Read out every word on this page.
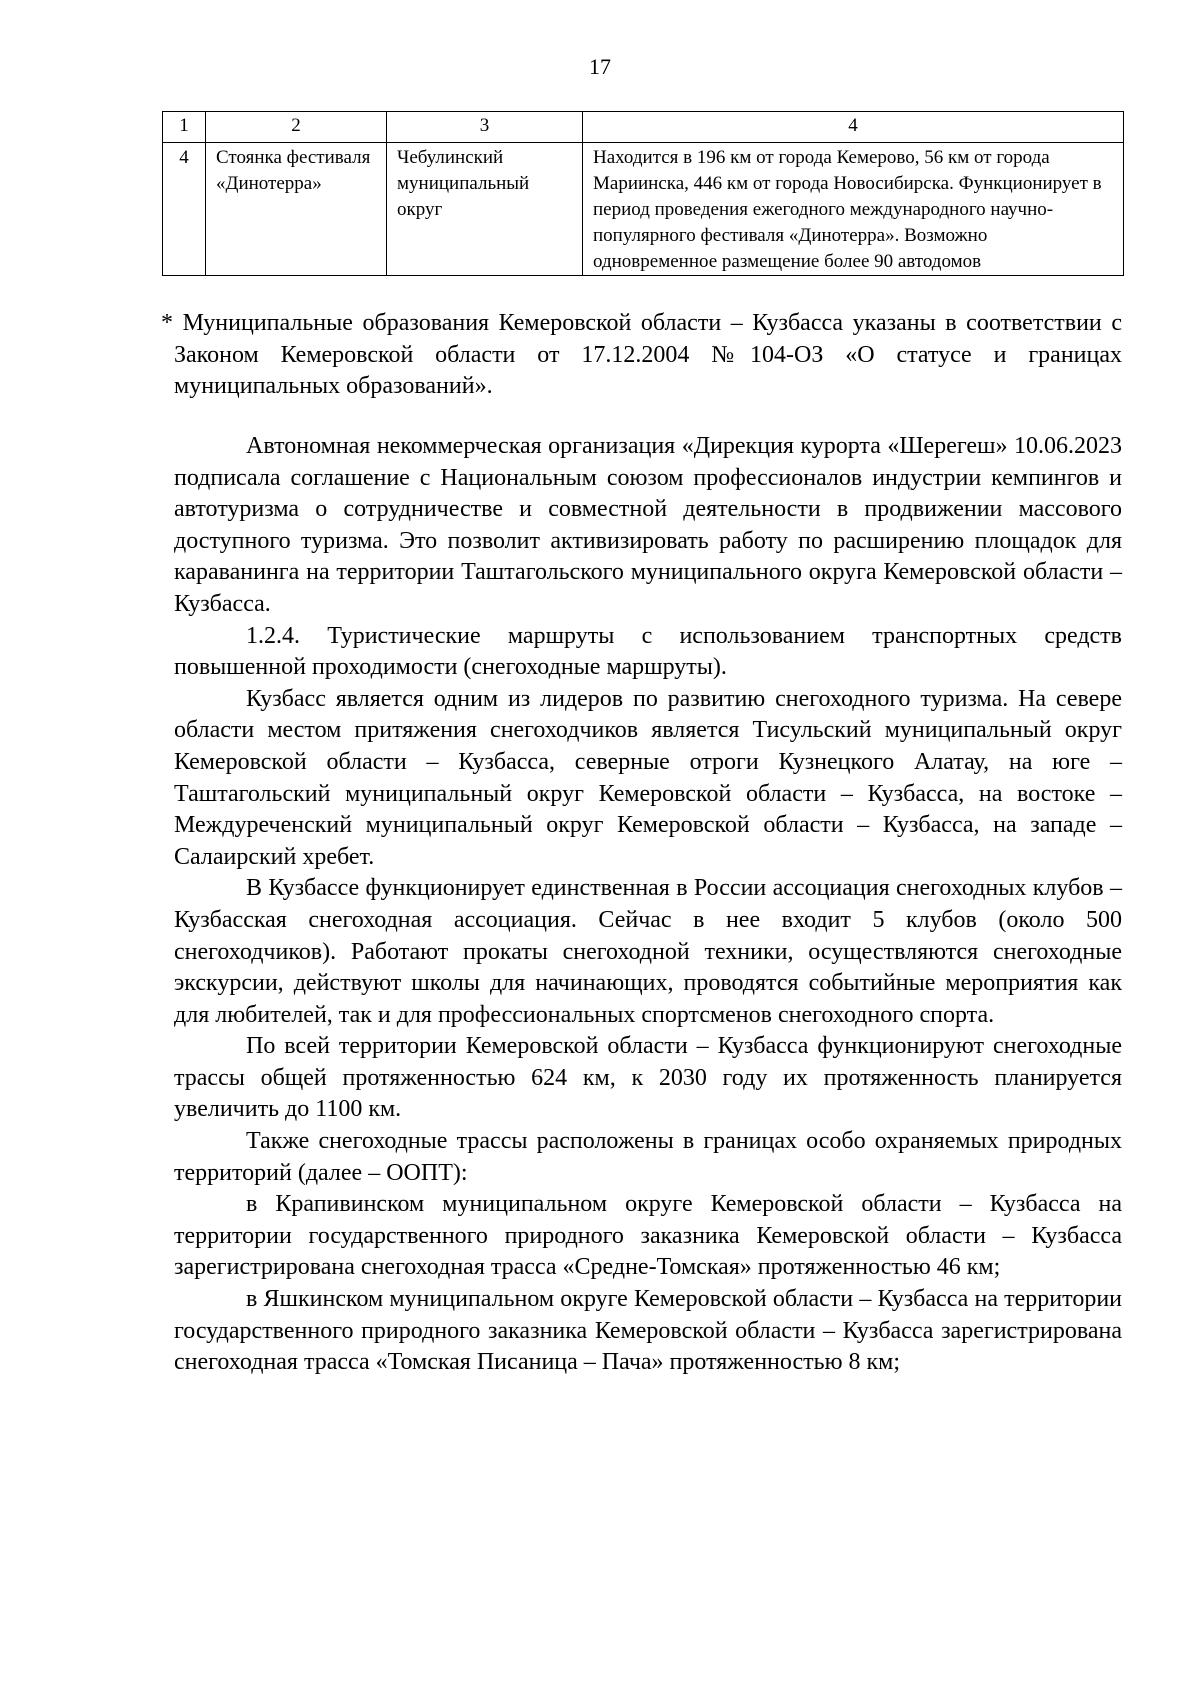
17
1	2	3	4
4	Стоянка фестиваля «Динотерра»	Чебулинский муниципальный округ	Находится в 196 км от города Кемерово, 56 км от города Мариинска, 446 км от города Новосибирска. Функционирует в период проведения ежегодного международного научно-популярного фестиваля «Динотерра». Возможно одновременное размещение более 90 автодомов

* Муниципальные образования Кемеровской области – Кузбасса указаны в соответствии с Законом Кемеровской области от 17.12.2004 №104-ОЗ «О статусе и границах муниципальных образований».

Автономная некоммерческая организация «Дирекция курорта «Шерегеш» 10.06.2023 подписала соглашение с Национальным союзом профессионалов индустрии кемпингов и автотуризма о сотрудничестве и совместной деятельности в продвижении массового доступного туризма. Это позволит активизировать работу по расширению площадок для караванинга на территории Таштагольского муниципального округа Кемеровской области – Кузбасса.

1.2.4. Туристические маршруты с использованием транспортных средств повышенной проходимости (снегоходные маршруты).

Кузбасс является одним из лидеров по развитию снегоходного туризма. На севере области местом притяжения снегоходчиков является Тисульский муниципальный округ Кемеровской области – Кузбасса, северные отроги Кузнецкого Алатау, на юге – Таштагольский муниципальный округ Кемеровской области – Кузбасса, на востоке – Междуреченский муниципальный округ Кемеровской области – Кузбасса, на западе – Салаирский хребет.

В Кузбассе функционирует единственная в России ассоциация снегоходных клубов – Кузбасская снегоходная ассоциация. Сейчас в нее входит 5 клубов (около 500 снегоходчиков). Работают прокаты снегоходной техники, осуществляются снегоходные экскурсии, действуют школы для начинающих, проводятся событийные мероприятия как для любителей, так и для профессиональных спортсменов снегоходного спорта.

По всей территории Кемеровской области – Кузбасса функционируют снегоходные трассы общей протяженностью 624 км, к 2030 году их протяженность планируется увеличить до 1100 км.

Также снегоходные трассы расположены в границах особо охраняемых природных территорий (далее – ООПТ):

в Крапивинском муниципальном округе Кемеровской области – Кузбасса на территории государственного природного заказника Кемеровской области – Кузбасса зарегистрирована снегоходная трасса «Средне-Томская» протяженностью 46 км;

в Яшкинском муниципальном округе Кемеровской области – Кузбасса на территории государственного природного заказника Кемеровской области – Кузбасса зарегистрирована снегоходная трасса «Томская Писаница – Пача» протяженностью 8 км;
